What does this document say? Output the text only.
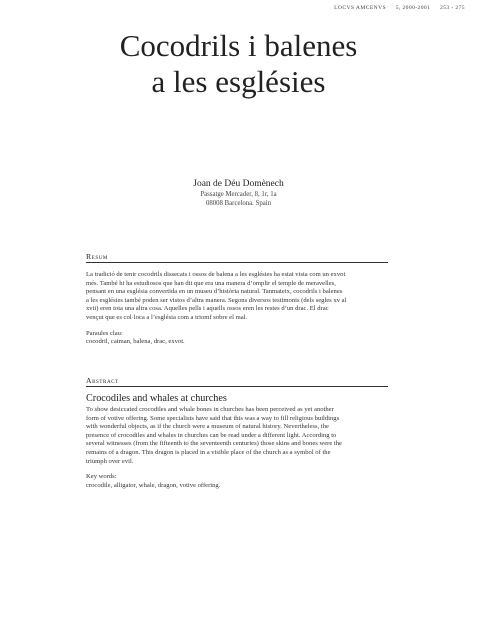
LOCVS AMCENVS 5, 2000-2001 253 - 275
Cocodrils i balenes
a les esglésies
Joan de Déu Domènech
Passatge Mercader, 8, 1r, 1a
08008 Barcelona. Spain
Resum

La tradició de tenir cocodrils dissecats i ossos de balena a les esglésies ha estat vista com un exvot

més. També hi ha estudiosos que han dit que era una manera d’omplir el temple de meravelles,

pensant en una església convertida en un museu d’història natural. Tanmateix, cocodrils i balenes

a les esglésies també poden ser vistos d’altra manera. Segons diversos testimonis (dels segles xv al

xvii) eren tota una altra cosa. Aquelles pells i aquells ossos eren les restes d’un drac. El drac

vençut que es col·loca a l’església com a triomf sobre el mal.

Paraules clau:
cocodril, caiman, balena, drac, exvot.
Abstract
Crocodiles and whales at churches

To show desiccated crocodiles and whale bones in churches has been perceived as yet another

form of votive offering. Some specialists have said that this was a way to fill religious buildings

with wonderful objects, as if the church were a museum of natural history. Nevertheless, the

presence of crocodiles and whales in churches can be read under a different light. According to

several witnesses (from the fifteenth to the seventeenth centuries) those skins and bones were the

remains of a dragon. This dragon is placed in a visible place of the church as a symbol of the

triumph over evil.

Key words:
crocodile, alligator, whale, dragon, votive offering.
